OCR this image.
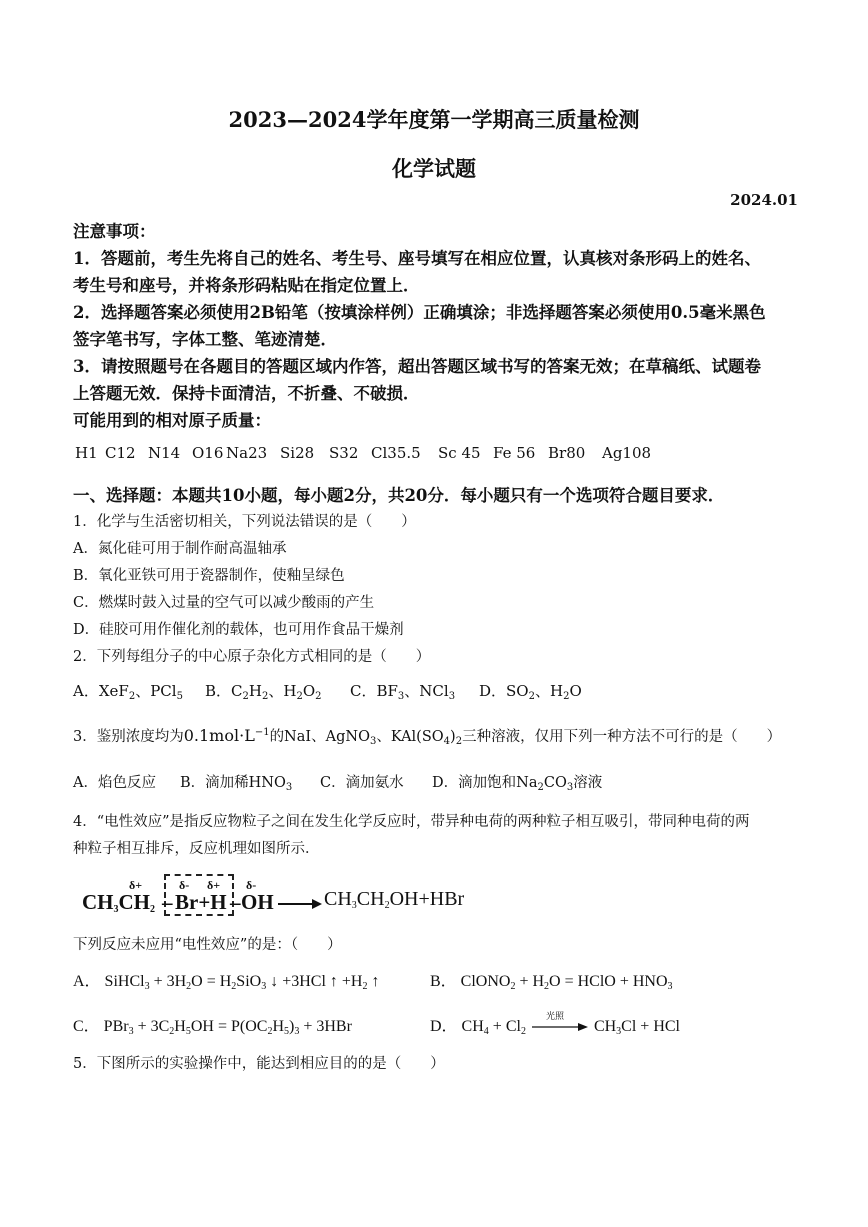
2023—2024学年度第一学期高三质量检测
化学试题
2024.01
注意事项：
1．答题前，考生先将自己的姓名、考生号、座号填写在相应位置，认真核对条形码上的姓名、
考生号和座号，并将条形码粘贴在指定位置上．
2．选择题答案必须使用2B铅笔（按填涂样例）正确填涂；非选择题答案必须使用0.5毫米黑色
签字笔书写，字体工整、笔迹清楚．
3．请按照题号在各题目的答题区域内作答，超出答题区域书写的答案无效；在草稿纸、试题卷
上答题无效．保持卡面清洁，不折叠、不破损．
可能用到的相对原子质量：
H1 C12 N14 O16 Na23 Si28 S32 Cl35.5 Sc 45 Fe 56 Br80 Ag108
一、选择题：本题共10小题，每小题2分，共20分．每小题只有一个选项符合题目要求．
1．化学与生活密切相关，下列说法错误的是（　　）
A．氮化硅可用于制作耐高温轴承
B．氧化亚铁可用于瓷器制作，使釉呈绿色
C．燃煤时鼓入过量的空气可以减少酸雨的产生
D．硅胶可用作催化剂的载体，也可用作食品干燥剂
2．下列每组分子的中心原子杂化方式相同的是（　　）
A．XeF$_2$、PCl$_5$ B．$C_2H_2$、$H_2O_2$ C．$BF_3$、NCl$_3$ D．$SO_2$、$H_2O$
3．鉴别浓度均为$0.1mol\cdot L^{-1}$的NaI、AgNO$_3$、$KAl(SO_4)_2$三种溶液，仅用下列一种方法不可行的是（　　）
A．焰色反应 B．滴加稀$HNO_3$ C．滴加氨水 D．滴加饱和$Na_2CO_3$溶液
4．“电性效应”是指反应物粒子之间在发生化学反应时，带异种电荷的两种粒子相互吸引，带同种电荷的两
种粒子相互排斥，反应机理如图所示．
δ+	δ- δ+ δ-
$CH_3CH_2 - Br+H$ – OH → $CH_3CH_2OH+HBr$
下列反应未应用“电性效应”的是：（　　）
A． SiHCl$_3$ + $3H_2O = H_2SiO_3$ ↓ +3HCl ↑ $+H_2$ ↑	B． ClONO$_2$ + $H_2O$ = HClO + $HNO_3$
C． $PBr_3 + 3C_2H_5OH = P(OC_2H_5)_3 + 3HBr$	D． $CH_4 + Cl_2$
光照
$CH_3Cl$ + HCl
5．下图所示的实验操作中，能达到相应目的的是（　　）
